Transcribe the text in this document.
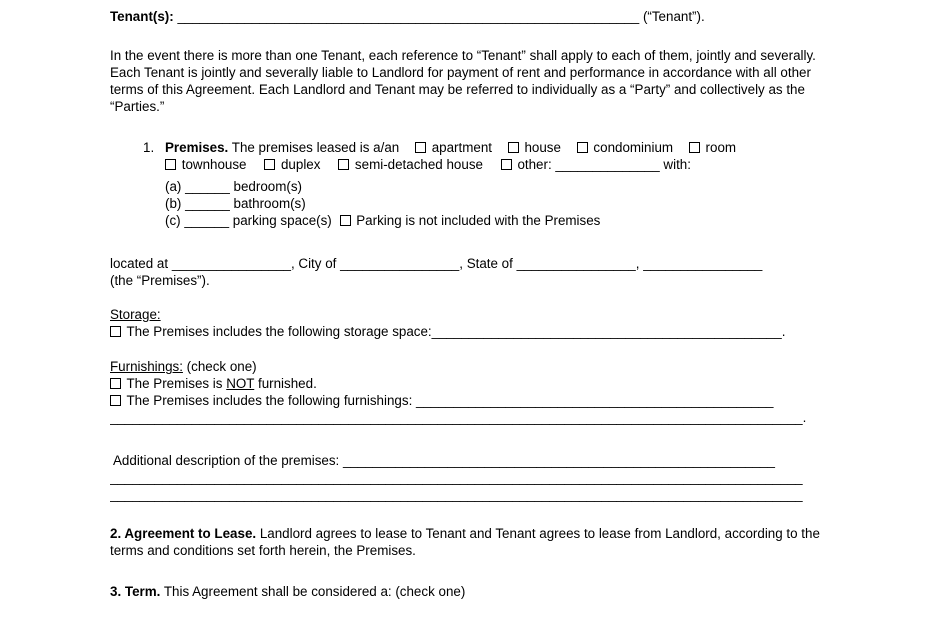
Tenant(s): ______________________________________________________________ (“Tenant”).

In the event there is more than one Tenant, each reference to “Tenant” shall apply to each of them, jointly and severally. Each Tenant is jointly and severally liable to Landlord for payment of rent and performance in accordance with all other terms of this Agreement. Each Landlord and Tenant may be referred to individually as a “Party” and collectively as the “Parties.”

1. Premises. The premises leased is a/an apartment house condominium room
townhouse	duplex	semi-detached house	other: ______________ with:
(a) ______ bedroom(s)
(b) ______ bathroom(s)
(c) ______ parking space(s) Parking is not included with the Premises
located at ________________, City of ________________, State of ________________, ________________
(the “Premises”).
Storage:
The Premises includes the following storage space:_______________________________________________.
Furnishings: (check one)
The Premises is NOT furnished.
The Premises includes the following furnishings: ________________________________________________
_____________________________________________________________________________________________.
Additional description of the premises: __________________________________________________________
_____________________________________________________________________________________________
_____________________________________________________________________________________________

2. Agreement to Lease. Landlord agrees to lease to Tenant and Tenant agrees to lease from Landlord, according to the terms and conditions set forth herein, the Premises.

3. Term. This Agreement shall be considered a: (check one)
